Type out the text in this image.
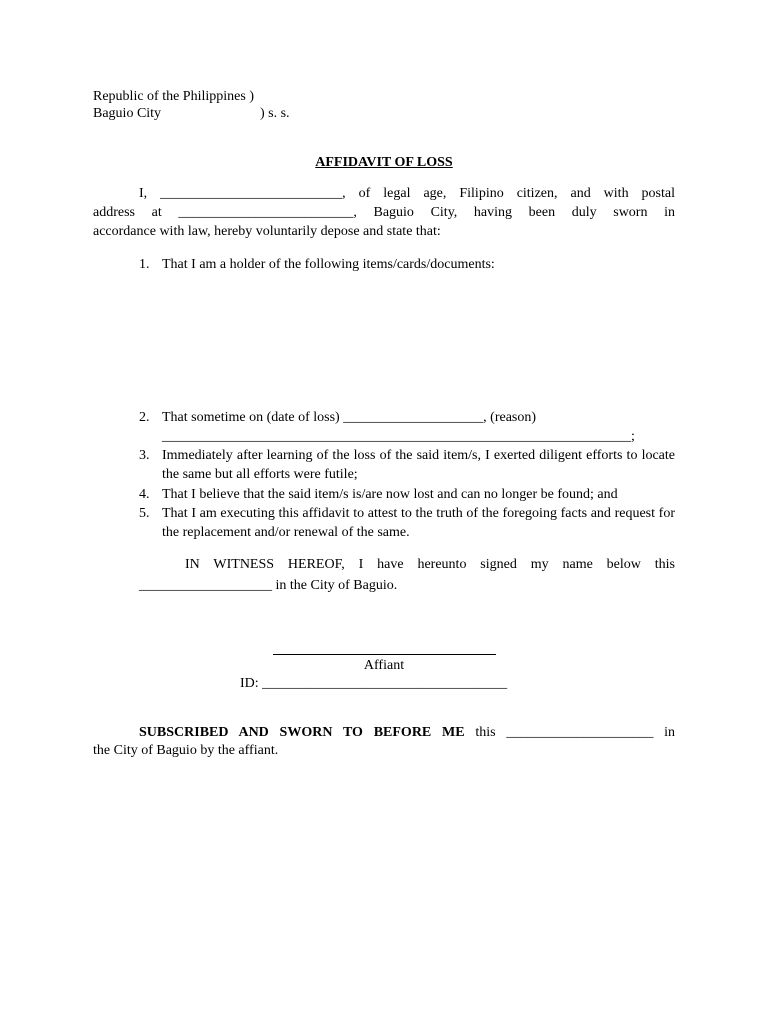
Republic of the Philippines )
Baguio City	) s. s.
AFFIDAVIT OF LOSS
I, __________________________, of legal age, Filipino citizen, and with postal
address at _________________________, Baguio City, having been duly sworn in
accordance with law, hereby voluntarily depose and state that:
1. That I am a holder of the following items/cards/documents:
2. That sometime on (date of loss) ____________________, (reason)
___________________________________________________________________;
3. Immediately after learning of the loss of the said item/s, I exerted diligent efforts to locate the same but all efforts were futile;
4. That I believe that the said item/s is/are now lost and can no longer be found; and
5. That I am executing this affidavit to attest to the truth of the foregoing facts and request for the replacement and/or renewal of the same.
IN WITNESS HEREOF, I have hereunto signed my name below this
___________________ in the City of Baguio.
Affiant
ID: ___________________________________
SUBSCRIBED AND SWORN TO BEFORE ME this _____________________ in
the City of Baguio by the affiant.
